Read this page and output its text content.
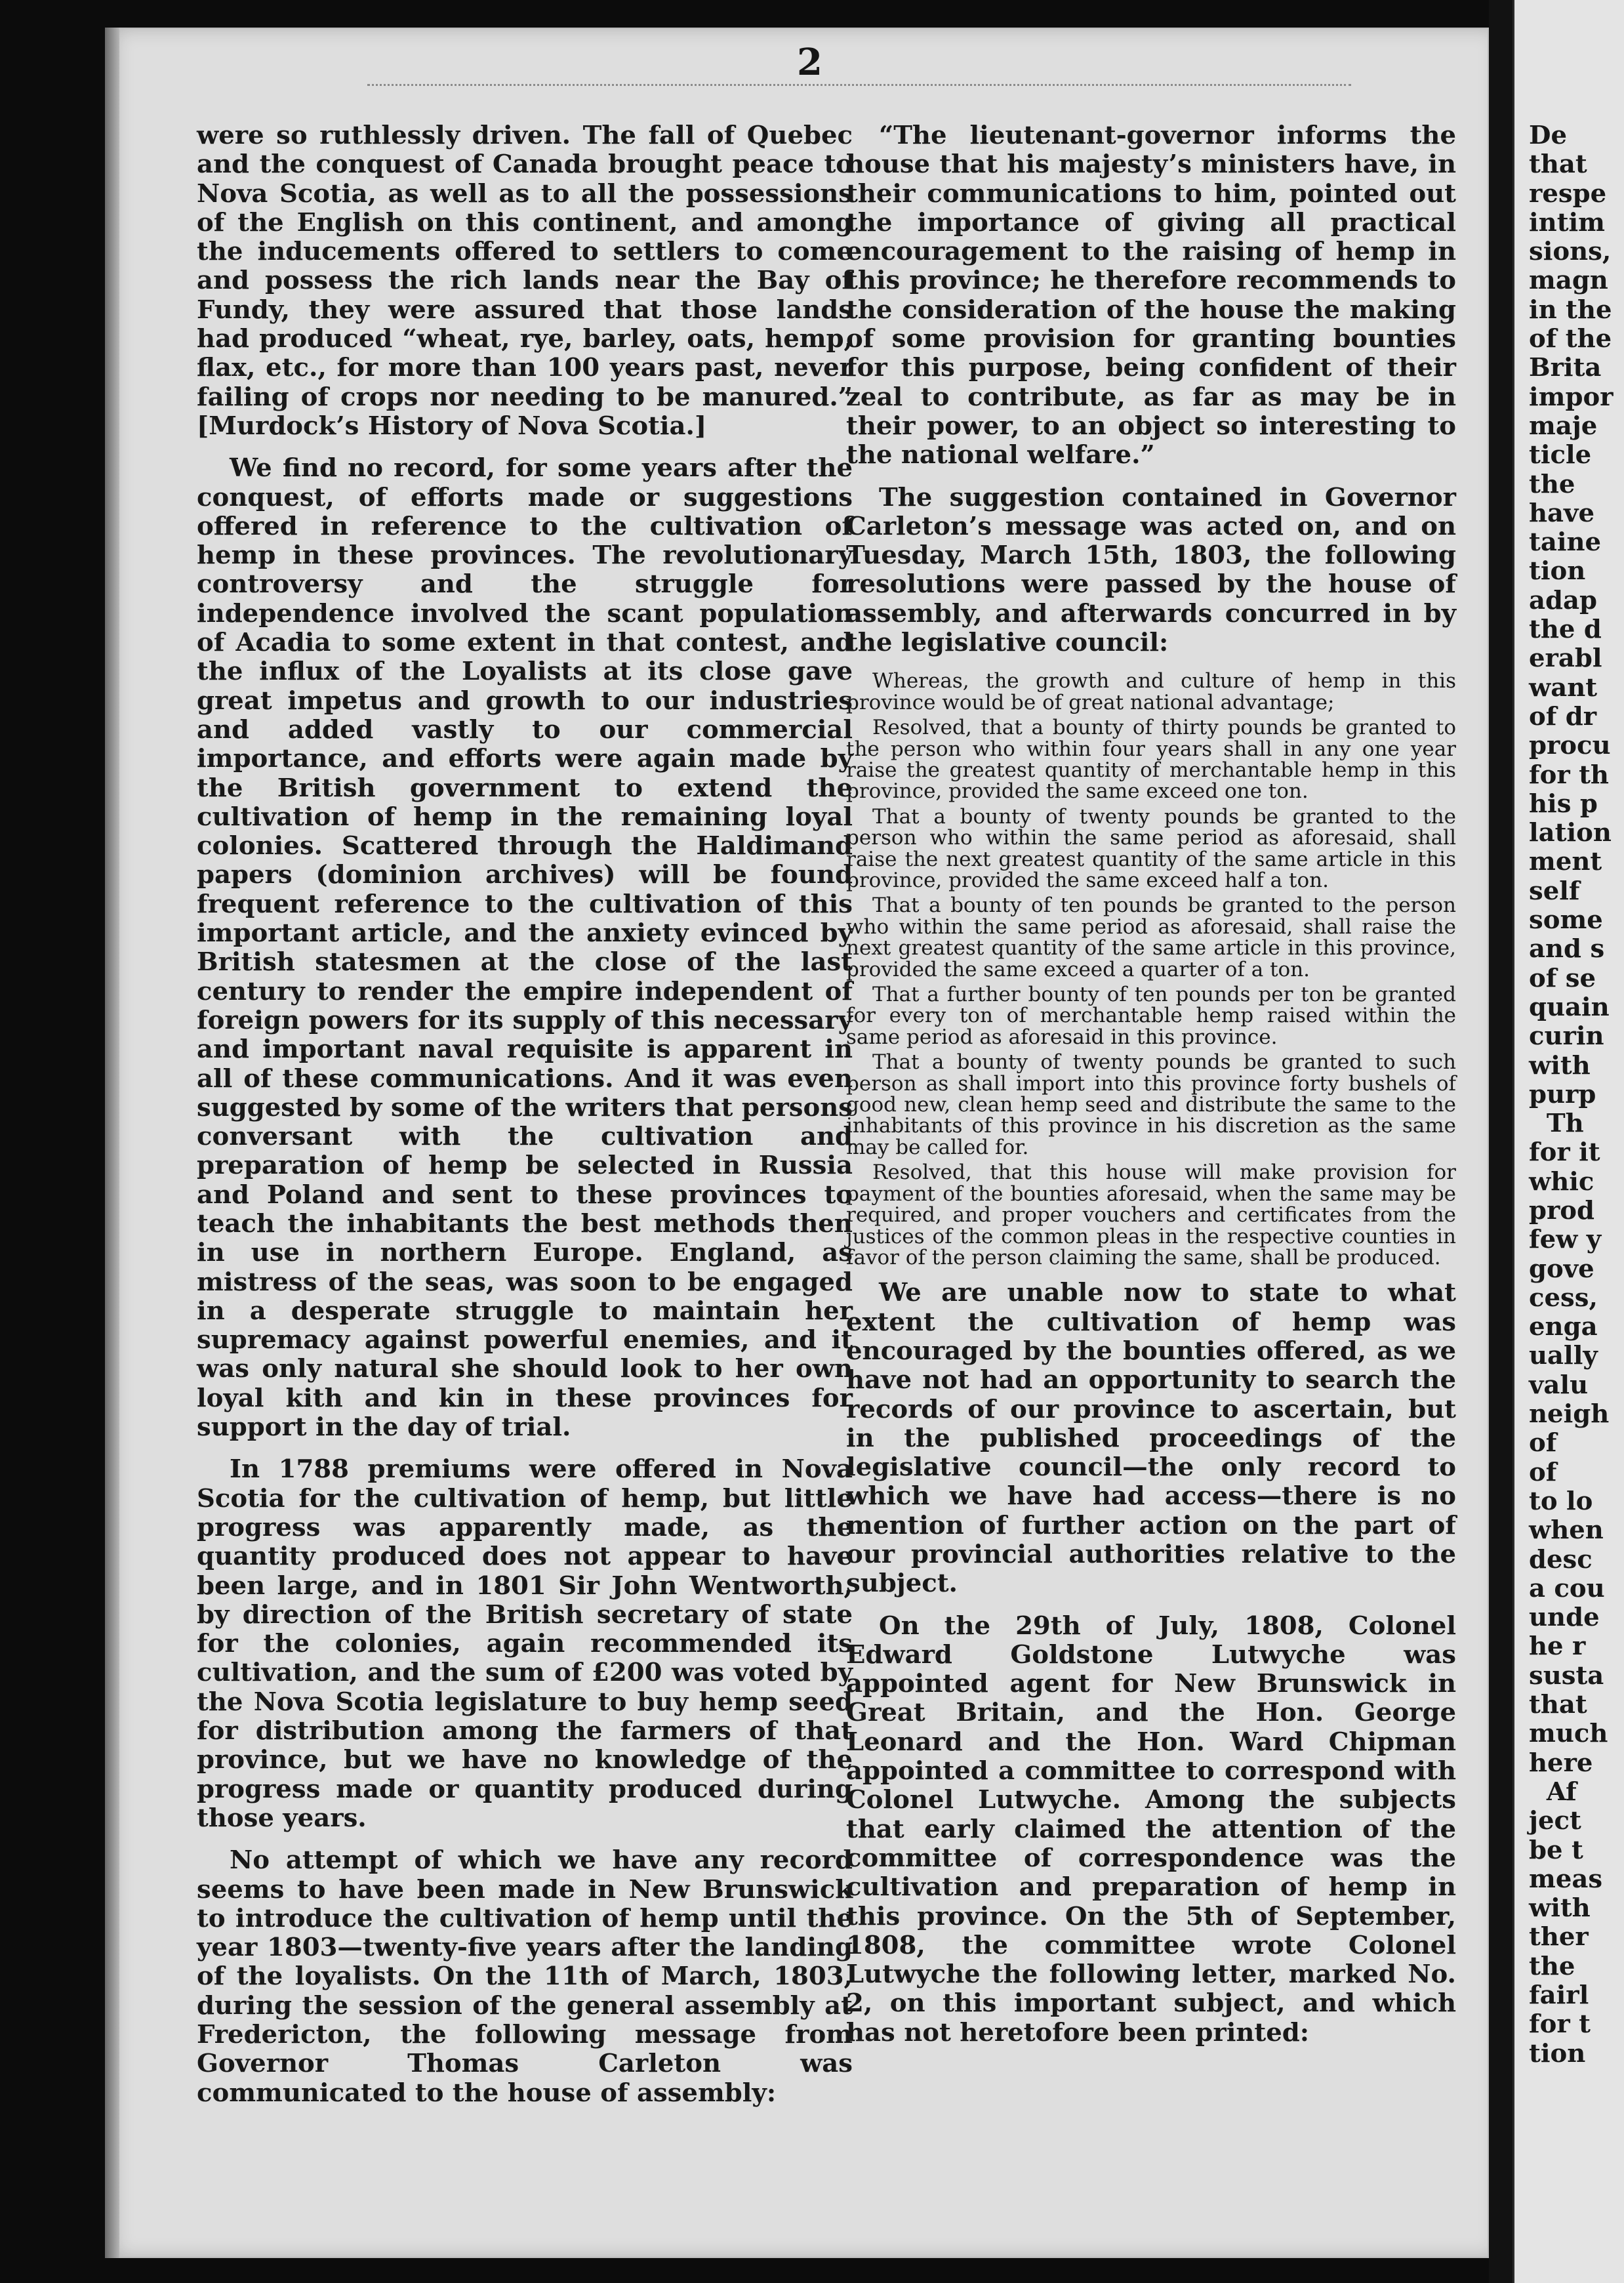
2

were so ruthlessly driven. The fall of Quebec and the conquest of Canada brought peace to Nova Scotia, as well as to all the possessions of the English on this continent, and among the inducements offered to settlers to come and possess the rich lands near the Bay of Fundy, they were assured that those lands had produced “wheat, rye, barley, oats, hemp, flax, etc., for more than 100 years past, never failing of crops nor needing to be manured.” [Murdock’s History of Nova Scotia.]

We find no record, for some years after the conquest, of efforts made or suggestions offered in reference to the cultivation of hemp in these provinces. The revolutionary controversy and the struggle for independence involved the scant population of Acadia to some extent in that contest, and the influx of the Loyalists at its close gave great impetus and growth to our industries and added vastly to our commercial importance, and efforts were again made by the British government to extend the cultivation of hemp in the remaining loyal colonies. Scattered through the Haldimand papers (dominion archives) will be found frequent reference to the cultivation of this important article, and the anxiety evinced by British statesmen at the close of the last century to render the empire independent of foreign powers for its supply of this necessary and important naval requisite is apparent in all of these communications. And it was even suggested by some of the writers that persons conversant with the cultivation and preparation of hemp be selected in Russia and Poland and sent to these provinces to teach the inhabitants the best methods then in use in northern Europe. England, as mistress of the seas, was soon to be engaged in a desperate struggle to maintain her supremacy against powerful enemies, and it was only natural she should look to her own loyal kith and kin in these provinces for support in the day of trial.

In 1788 premiums were offered in Nova Scotia for the cultivation of hemp, but little progress was apparently made, as the quantity produced does not appear to have been large, and in 1801 Sir John Wentworth, by direction of the British secretary of state for the colonies, again recommended its cultivation, and the sum of £200 was voted by the Nova Scotia legislature to buy hemp seed for distribution among the farmers of that province, but we have no knowledge of the progress made or quantity produced during those years.

No attempt of which we have any record seems to have been made in New Brunswick to introduce the cultivation of hemp until the year 1803—twenty-five years after the landing of the loyalists. On the 11th of March, 1803, during the session of the general assembly at Fredericton, the following message from Governor Thomas Carleton was communicated to the house of assembly:

“The lieutenant-governor informs the house that his majesty’s ministers have, in their communications to him, pointed out the importance of giving all practical encouragement to the raising of hemp in this province; he therefore recommends to the consideration of the house the making of some provision for granting bounties for this purpose, being confident of their zeal to contribute, as far as may be in their power, to an object so interesting to the national welfare.”

The suggestion contained in Governor Carleton’s message was acted on, and on Tuesday, March 15th, 1803, the following resolutions were passed by the house of assembly, and afterwards concurred in by the legislative council:

Whereas, the growth and culture of hemp in this province would be of great national advantage;

Resolved, that a bounty of thirty pounds be granted to the person who within four years shall in any one year raise the greatest quantity of merchantable hemp in this province, provided the same exceed one ton.

That a bounty of twenty pounds be granted to the person who within the same period as aforesaid, shall raise the next greatest quantity of the same article in this province, provided the same exceed half a ton.

That a bounty of ten pounds be granted to the person who within the same period as aforesaid, shall raise the next greatest quantity of the same article in this province, provided the same exceed a quarter of a ton.

That a further bounty of ten pounds per ton be granted for every ton of merchantable hemp raised within the same period as aforesaid in this province.

That a bounty of twenty pounds be granted to such person as shall import into this province forty bushels of good new, clean hemp seed and distribute the same to the inhabitants of this province in his discretion as the same may be called for.

Resolved, that this house will make provision for payment of the bounties aforesaid, when the same may be required, and proper vouchers and certificates from the justices of the common pleas in the respective counties in favor of the person claiming the same, shall be produced.

We are unable now to state to what extent the cultivation of hemp was encouraged by the bounties offered, as we have not had an opportunity to search the records of our province to ascertain, but in the published proceedings of the legislative council—the only record to which we have had access—there is no mention of further action on the part of our provincial authorities relative to the subject.

On the 29th of July, 1808, Colonel Edward Goldstone Lutwyche was appointed agent for New Brunswick in Great Britain, and the Hon. George Leonard and the Hon. Ward Chipman appointed a committee to correspond with Colonel Lutwyche. Among the subjects that early claimed the attention of the committee of correspondence was the cultivation and preparation of hemp in this province. On the 5th of September, 1808, the committee wrote Colonel Lutwyche the following letter, marked No. 2, on this important subject, and which has not heretofore been printed:

De
that
respe
intim
sions,
magn
in the
of the
Brita
impor
maje
ticle
the
have
taine
tion
adap
the d
erabl
want
of dr
procu
for th
his p
lation
ment
self
some
and s
of se
quain
curin
with
purp
Th
for it
whic
prod
few y
gove
cess,
enga
ually
valu
neigh
of
of
to lo
when
desc
a cou
unde
he r
susta
that
much
here
Af
ject
be t
meas
with
ther
the
fairl
for t
tion
